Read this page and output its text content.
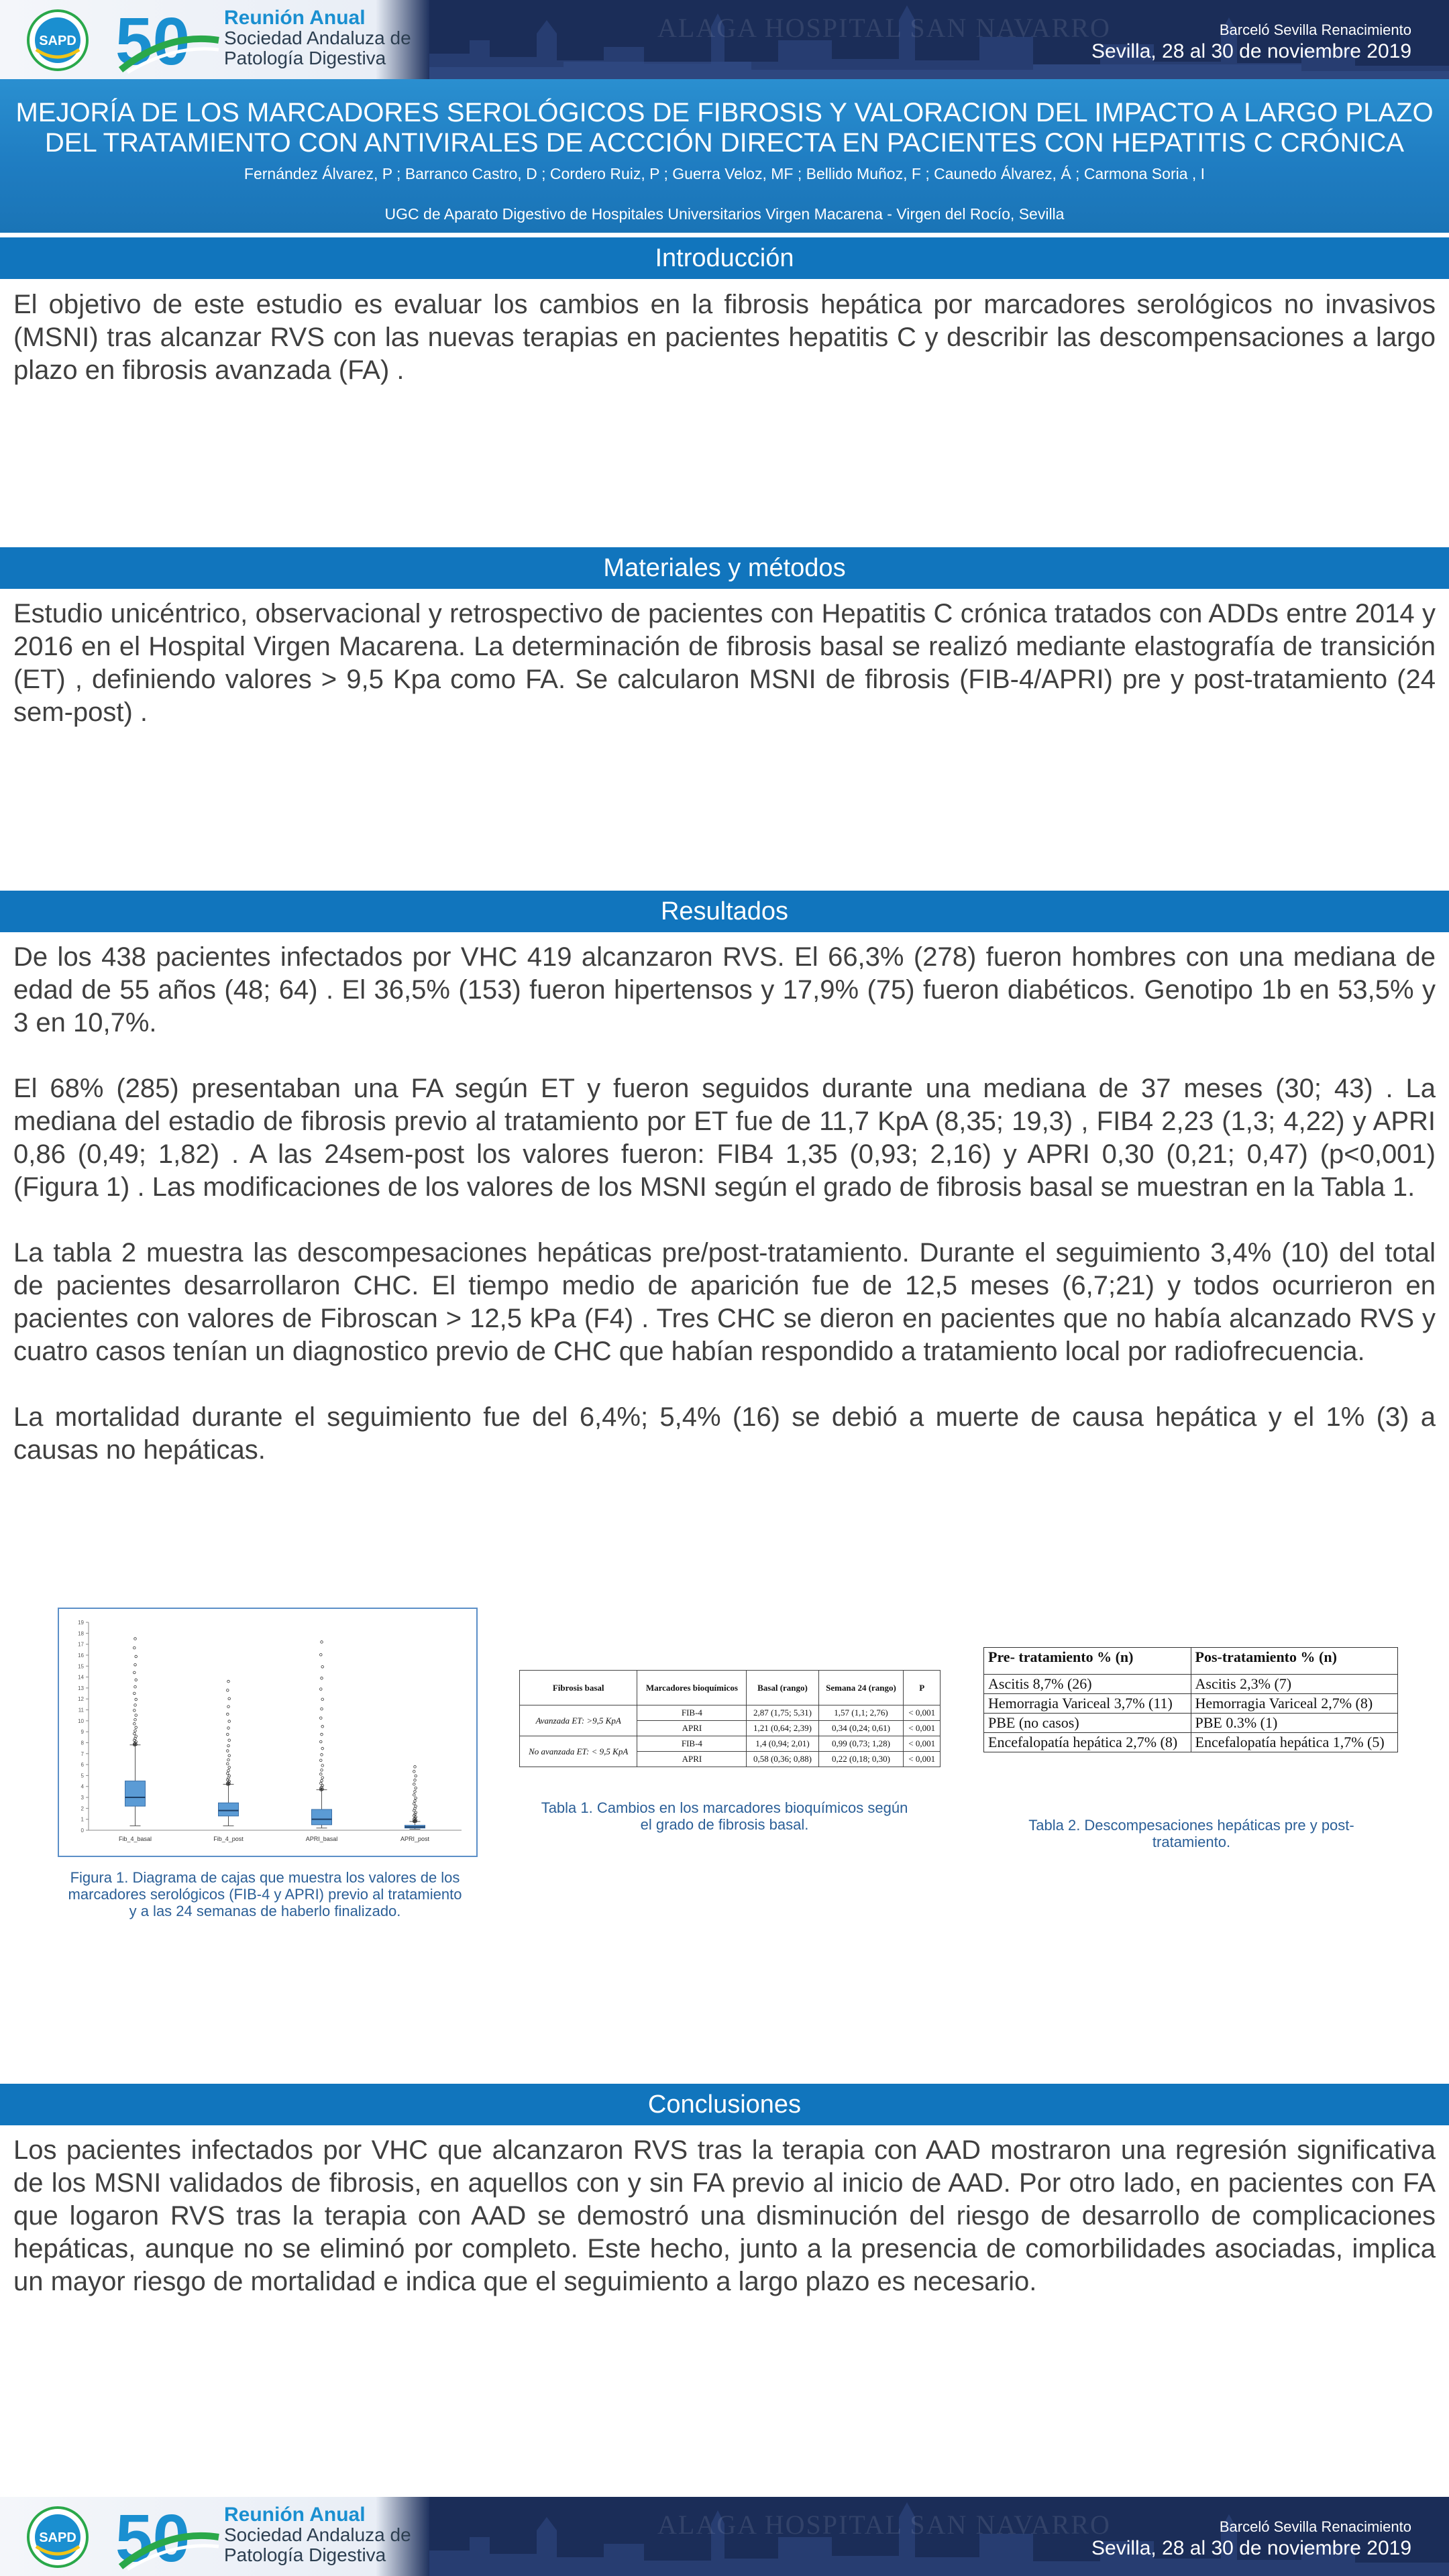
ALAGA HOSPITAL SAN NAVARRO
SAPD 50 Reunión Anual
Sociedad Andaluza de
Patología Digestiva
Barceló Sevilla Renacimiento
Sevilla, 28 al 30 de noviembre 2019
MEJORÍA DE LOS MARCADORES SEROLÓGICOS DE FIBROSIS Y VALORACION DEL IMPACTO A LARGO PLAZO DEL TRATAMIENTO CON ANTIVIRALES DE ACCCIÓN DIRECTA EN PACIENTES CON HEPATITIS C CRÓNICA
Fernández Álvarez, P ; Barranco Castro, D ; Cordero Ruiz, P ; Guerra Veloz, MF ; Bellido Muñoz, F ; Caunedo Álvarez, Á ; Carmona Soria , I
UGC de Aparato Digestivo de Hospitales Universitarios Virgen Macarena - Virgen del Rocío, Sevilla
Introducción

El objetivo de este estudio es evaluar los cambios en la fibrosis hepática por marcadores serológicos no invasivos (MSNI) tras alcanzar RVS con las nuevas terapias en pacientes hepatitis C y describir las descompensaciones a largo plazo en fibrosis avanzada (FA) .

Materiales y métodos

Estudio unicéntrico, observacional y retrospectivo de pacientes con Hepatitis C crónica tratados con ADDs entre 2014 y 2016 en el Hospital Virgen Macarena. La determinación de fibrosis basal se realizó mediante elastografía de transición (ET) , definiendo valores > 9,5 Kpa como FA. Se calcularon MSNI de fibrosis (FIB-4/APRI) pre y post-tratamiento (24 sem-post) .

Resultados

De los 438 pacientes infectados por VHC 419 alcanzaron RVS. El 66,3% (278) fueron hombres con una mediana de edad de 55 años (48; 64) . El 36,5% (153) fueron hipertensos y 17,9% (75) fueron diabéticos. Genotipo 1b en 53,5% y 3 en 10,7%.

El 68% (285) presentaban una FA según ET y fueron seguidos durante una mediana de 37 meses (30; 43) . La mediana del estadio de fibrosis previo al tratamiento por ET fue de 11,7 KpA (8,35; 19,3) , FIB4 2,23 (1,3; 4,22) y APRI 0,86 (0,49; 1,82) . A las 24sem-post los valores fueron: FIB4 1,35 (0,93; 2,16) y APRI 0,30 (0,21; 0,47) (p<0,001) (Figura 1) . Las modificaciones de los valores de los MSNI según el grado de fibrosis basal se muestran en la Tabla 1.

La tabla 2 muestra las descompesaciones hepáticas pre/post-tratamiento. Durante el seguimiento 3,4% (10) del total de pacientes desarrollaron CHC. El tiempo medio de aparición fue de 12,5 meses (6,7;21) y todos ocurrieron en pacientes con valores de Fibroscan > 12,5 kPa (F4) . Tres CHC se dieron en pacientes que no había alcanzado RVS y cuatro casos tenían un diagnostico previo de CHC que habían respondido a tratamiento local por radiofrecuencia.

La mortalidad durante el seguimiento fue del 6,4%; 5,4% (16) se debió a muerte de causa hepática y el 1% (3) a causas no hepáticas.

0
1
2
3
4
5
6
7
8
9
10
11
12
13
14
15
16
17
18
19
Fib_4_basal	Fib_4_post	APRI_basal	APRI_post
Figura 1. Diagrama de cajas que muestra los valores de los marcadores serológicos (FIB-4 y APRI) previo al tratamiento y a las 24 semanas de haberlo finalizado.
Fibrosis basal	Marcadores bioquímicos	Basal (rango)	Semana 24 (rango)	P
Avanzada ET: >9,5 KpA	FIB-4	2,87 (1,75; 5,31)	1,57 (1,1; 2,76)	< 0,001
	APRI	1,21 (0,64; 2,39)	0,34 (0,24; 0,61)	< 0,001
No avanzada ET: < 9,5 KpA	FIB-4	1,4 (0,94; 2,01)	0,99 (0,73; 1,28)	< 0,001
	APRI	0,58 (0,36; 0,88)	0,22 (0,18; 0,30)	< 0,001
Tabla 1. Cambios en los marcadores bioquímicos según el grado de fibrosis basal.
Pre- tratamiento % (n)	Pos-tratamiento % (n)
Ascitis 8,7% (26)	Ascitis 2,3% (7)
Hemorragia Variceal 3,7% (11)	Hemorragia Variceal 2,7% (8)
PBE (no casos)	PBE 0.3% (1)
Encefalopatía hepática 2,7% (8)	Encefalopatía hepática 1,7% (5)
Tabla 2. Descompesaciones hepáticas pre y post-tratamiento.
Conclusiones

Los pacientes infectados por VHC que alcanzaron RVS tras la terapia con AAD mostraron una regresión significativa de los MSNI validados de fibrosis, en aquellos con y sin FA previo al inicio de AAD. Por otro lado, en pacientes con FA que logaron RVS tras la terapia con AAD se demostró una disminución del riesgo de desarrollo de complicaciones hepáticas, aunque no se eliminó por completo. Este hecho, junto a la presencia de comorbilidades asociadas, implica un mayor riesgo de mortalidad e indica que el seguimiento a largo plazo es necesario.

ALAGA HOSPITAL SAN NAVARRO
SAPD 50 Reunión Anual
Sociedad Andaluza de
Patología Digestiva
Barceló Sevilla Renacimiento
Sevilla, 28 al 30 de noviembre 2019
